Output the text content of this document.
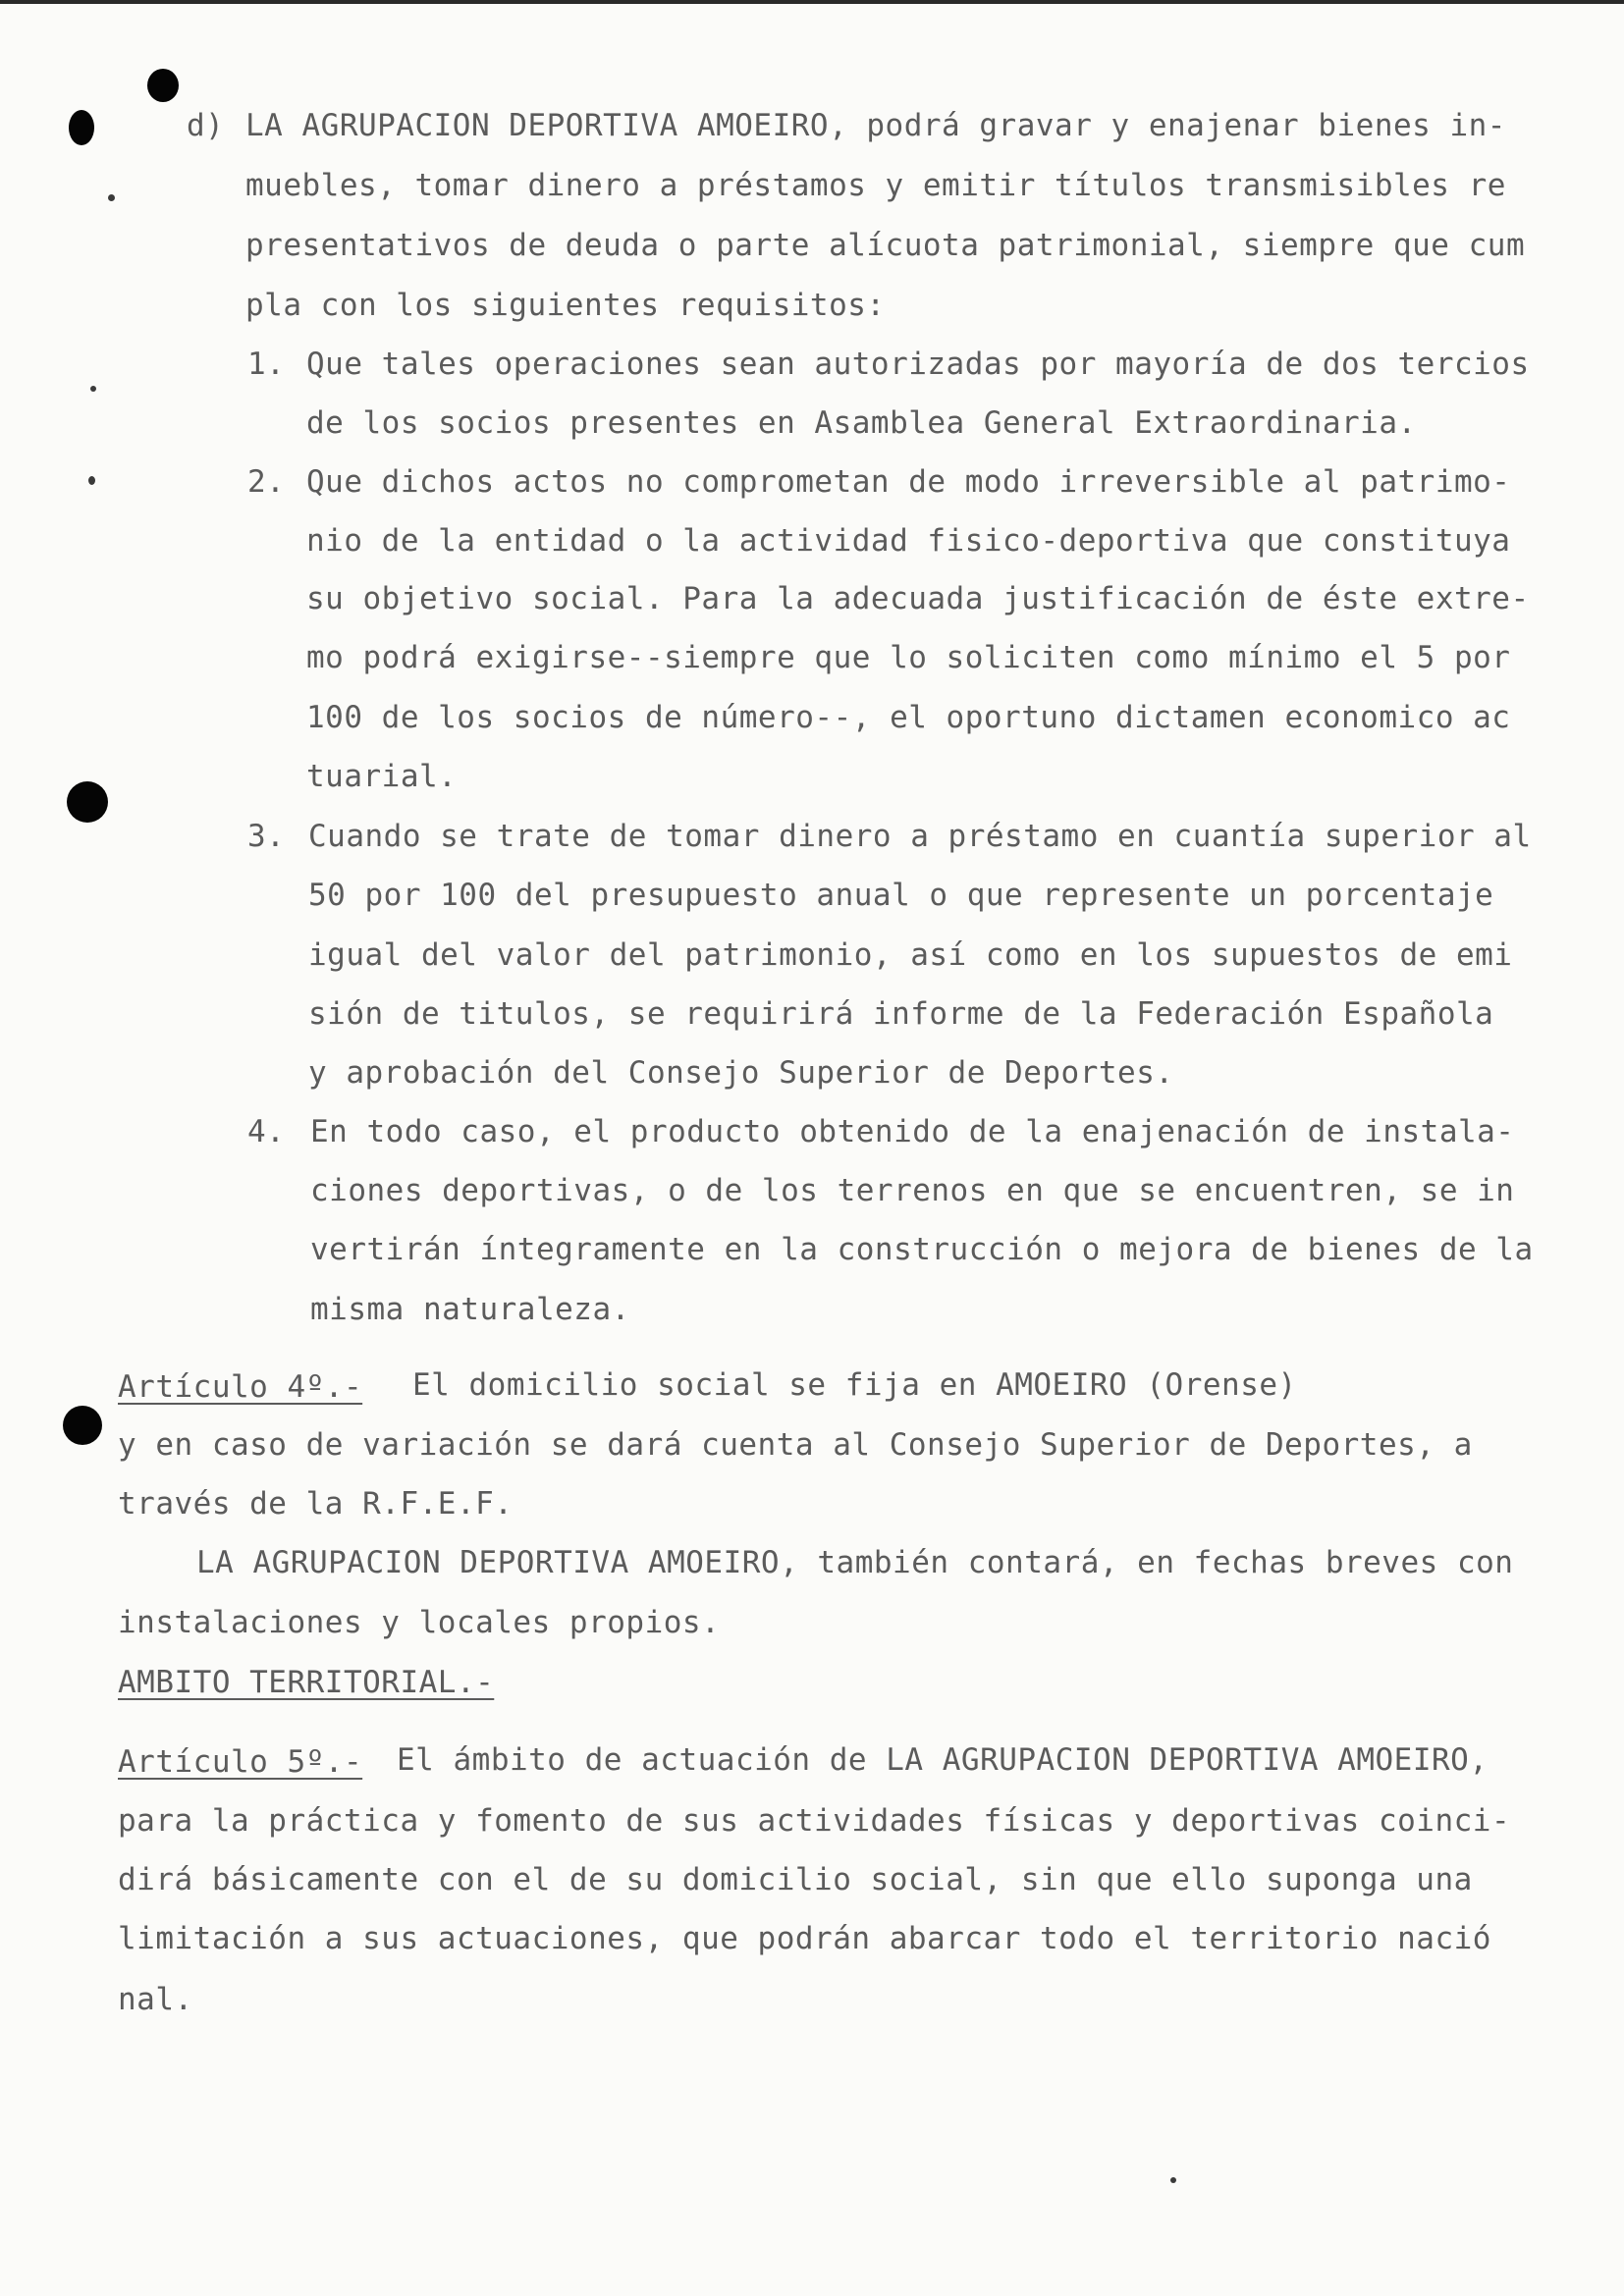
d) LA AGRUPACION DEPORTIVA AMOEIRO, podrá gravar y enajenar bienes in-
muebles, tomar dinero a préstamos y emitir títulos transmisibles re
presentativos de deuda o parte alícuota patrimonial, siempre que cum
pla con los siguientes requisitos:
1. Que tales operaciones sean autorizadas por mayoría de dos tercios
de los socios presentes en Asamblea General Extraordinaria.
2. Que dichos actos no comprometan de modo irreversible al patrimo-
nio de la entidad o la actividad fisico-deportiva que constituya
su objetivo social. Para la adecuada justificación de éste extre-
mo podrá exigirse--siempre que lo soliciten como mínimo el 5 por
100 de los socios de número--, el oportuno dictamen economico ac
tuarial.
3. Cuando se trate de tomar dinero a préstamo en cuantía superior al
50 por 100 del presupuesto anual o que represente un porcentaje
igual del valor del patrimonio, así como en los supuestos de emi
sión de titulos, se requirirá informe de la Federación Española
y aprobación del Consejo Superior de Deportes.
4. En todo caso, el producto obtenido de la enajenación de instala-
ciones deportivas, o de los terrenos en que se encuentren, se in
vertirán íntegramente en la construcción o mejora de bienes de la
misma naturaleza.
Artículo 4º.- El domicilio social se fija en AMOEIRO (Orense)
y en caso de variación se dará cuenta al Consejo Superior de Deportes, a
través de la R.F.E.F.
LA AGRUPACION DEPORTIVA AMOEIRO, también contará, en fechas breves con
instalaciones y locales propios.
AMBITO TERRITORIAL.-
Artículo 5º.- El ámbito de actuación de LA AGRUPACION DEPORTIVA AMOEIRO,
para la práctica y fomento de sus actividades físicas y deportivas coinci-
dirá básicamente con el de su domicilio social, sin que ello suponga una
limitación a sus actuaciones, que podrán abarcar todo el territorio nació
nal.
